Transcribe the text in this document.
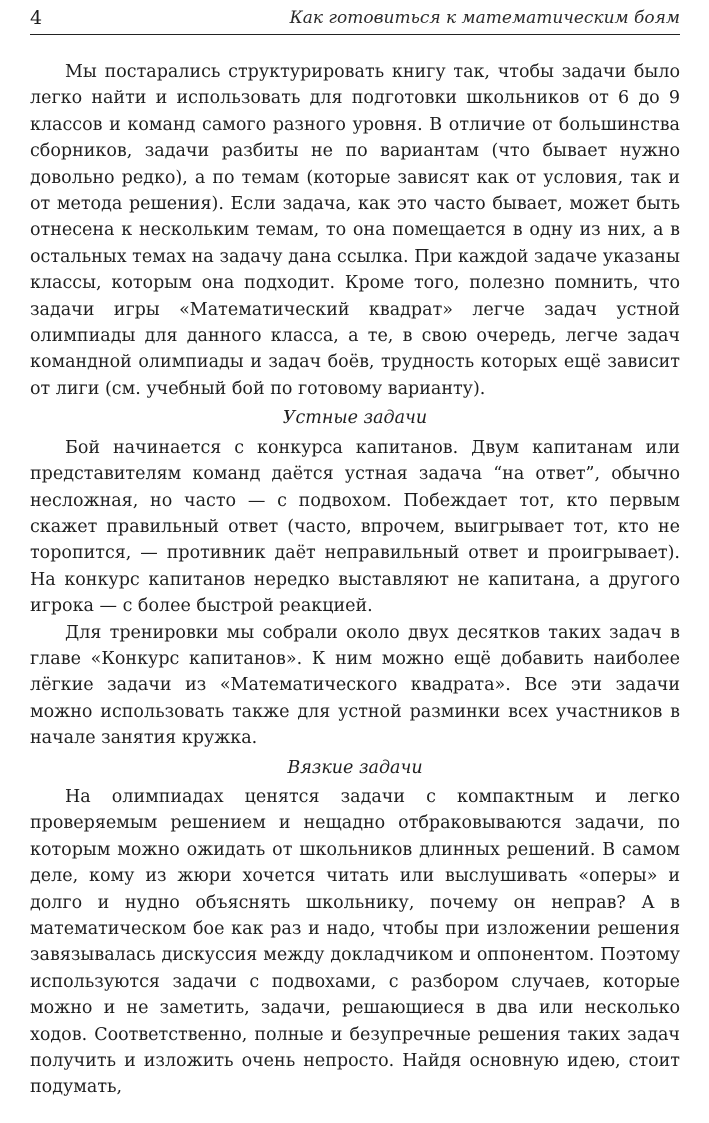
4	Как готовиться к математическим боям

Мы постарались структурировать книгу так, чтобы задачи было легко найти и использовать для подготовки школьников от 6 до 9 классов и команд самого разного уровня. В отличие от большинства сборников, задачи разбиты не по вариантам (что бывает нужно довольно редко), а по темам (которые зависят как от условия, так и от метода решения). Если задача, как это часто бывает, может быть отнесена к нескольким темам, то она помещается в одну из них, а в остальных темах на задачу дана ссылка. При каждой задаче указаны классы, которым она подходит. Кроме того, полезно помнить, что задачи игры «Математический квадрат» легче задач устной олимпиады для данного класса, а те, в свою очередь, легче задач командной олимпиады и задач боёв, трудность которых ещё зависит от лиги (см. учебный бой по готовому варианту).

Устные задачи

Бой начинается с конкурса капитанов. Двум капитанам или представителям команд даётся устная задача “на ответ”, обычно несложная, но часто — с подвохом. Побеждает тот, кто первым скажет правильный ответ (часто, впрочем, выигрывает тот, кто не торопится, — противник даёт неправильный ответ и проигрывает). На конкурс капитанов нередко выставляют не капитана, а другого игрока — с более быстрой реакцией.

Для тренировки мы собрали около двух десятков таких задач в главе «Конкурс капитанов». К ним можно ещё добавить наиболее лёгкие задачи из «Математического квадрата». Все эти задачи можно использовать также для устной разминки всех участников в начале занятия кружка.

Вязкие задачи

На олимпиадах ценятся задачи с компактным и легко проверяемым решением и нещадно отбраковываются задачи, по которым можно ожидать от школьников длинных решений. В самом деле, кому из жюри хочется читать или выслушивать «оперы» и долго и нудно объяснять школьнику, почему он неправ? А в математическом бое как раз и надо, чтобы при изложении решения завязывалась дискуссия между докладчиком и оппонентом. Поэтому используются задачи с подвохами, с разбором случаев, которые можно и не заметить, задачи, решающиеся в два или несколько ходов. Соответственно, полные и безупречные решения таких задач получить и изложить очень непросто. Найдя основную идею, стоит подумать,
